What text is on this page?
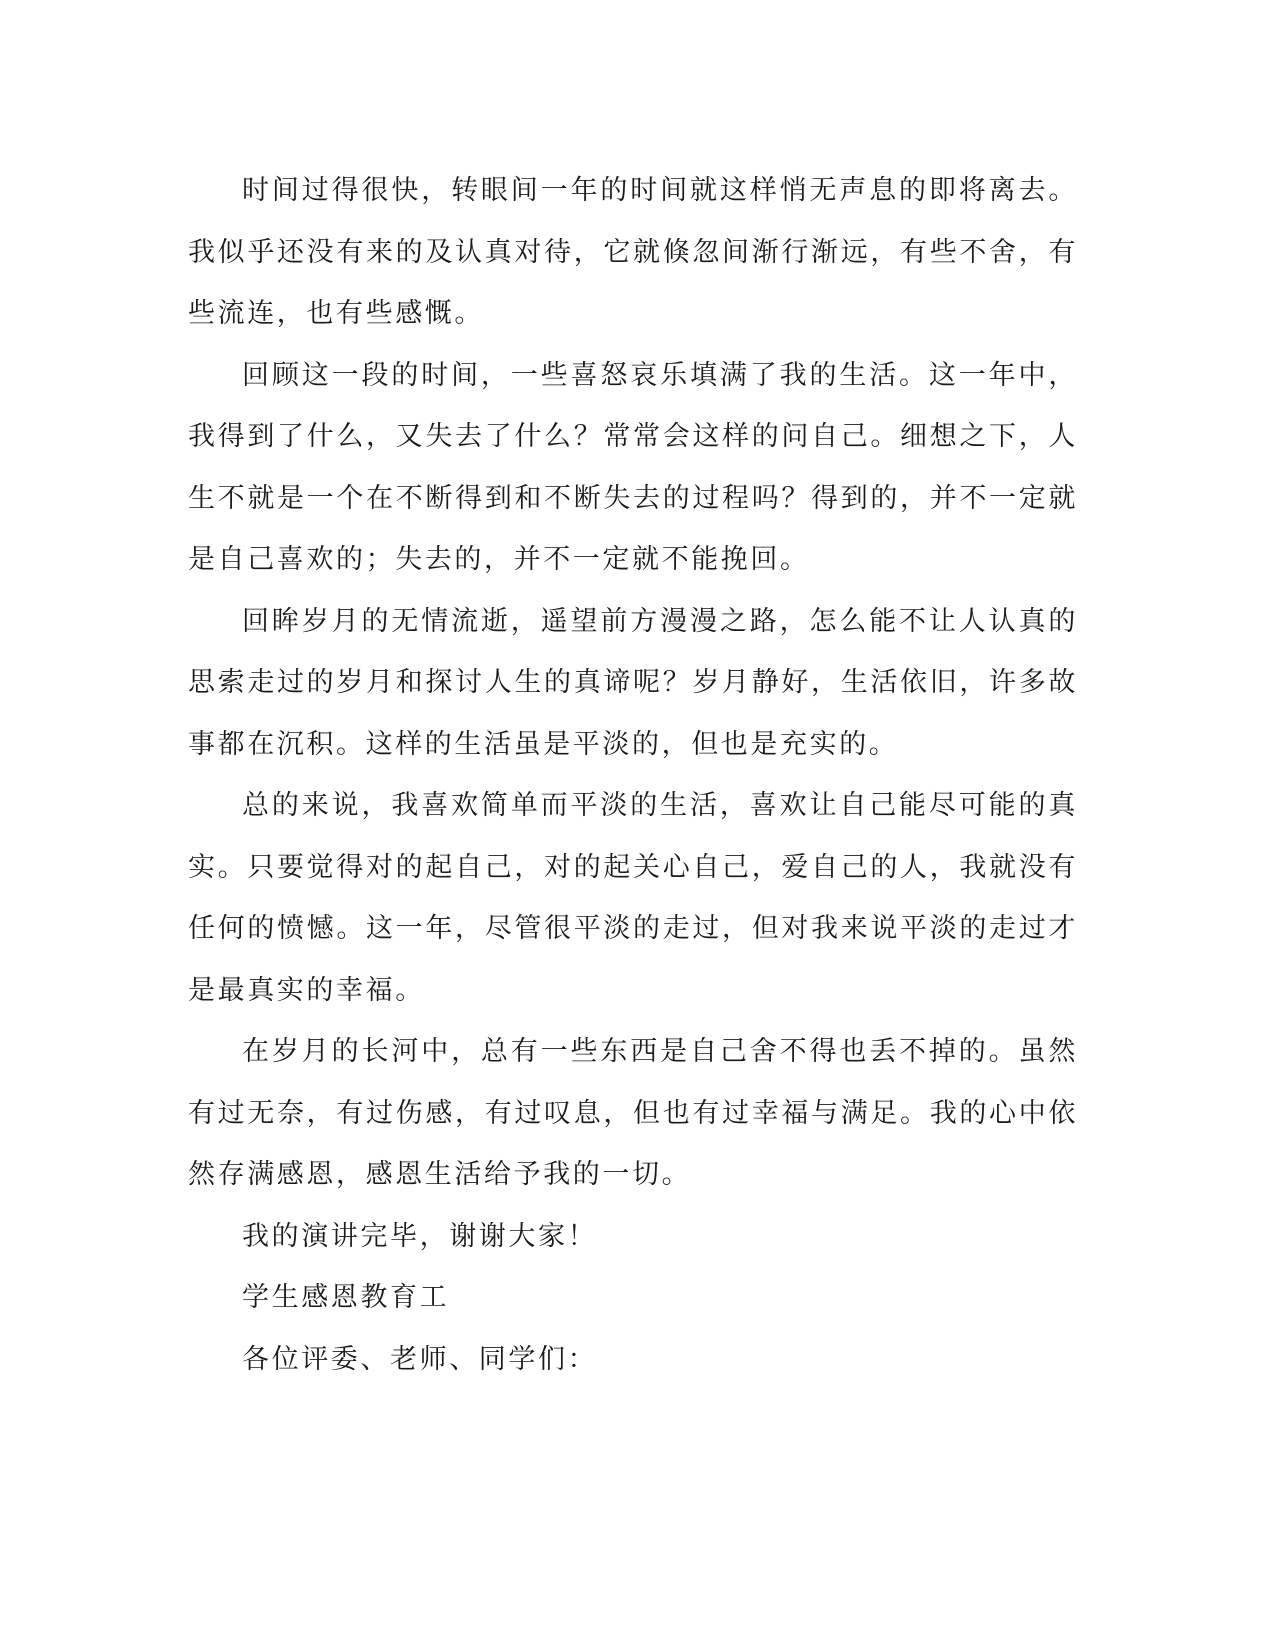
时间过得很快，转眼间一年的时间就这样悄无声息的即将离去。我似乎还没有来的及认真对待，它就倏忽间渐行渐远，有些不舍，有些流连，也有些感慨。

回顾这一段的时间，一些喜怒哀乐填满了我的生活。这一年中，我得到了什么，又失去了什么？常常会这样的问自己。细想之下，人生不就是一个在不断得到和不断失去的过程吗？得到的，并不一定就是自己喜欢的；失去的，并不一定就不能挽回。

回眸岁月的无情流逝，遥望前方漫漫之路，怎么能不让人认真的思索走过的岁月和探讨人生的真谛呢？岁月静好，生活依旧，许多故事都在沉积。这样的生活虽是平淡的，但也是充实的。

总的来说，我喜欢简单而平淡的生活，喜欢让自己能尽可能的真实。只要觉得对的起自己，对的起关心自己，爱自己的人，我就没有任何的愤憾。这一年，尽管很平淡的走过，但对我来说平淡的走过才是最真实的幸福。

在岁月的长河中，总有一些东西是自己舍不得也丢不掉的。虽然有过无奈，有过伤感，有过叹息，但也有过幸福与满足。我的心中依然存满感恩，感恩生活给予我的一切。

我的演讲完毕，谢谢大家！

学生感恩教育工

各位评委、老师、同学们：
